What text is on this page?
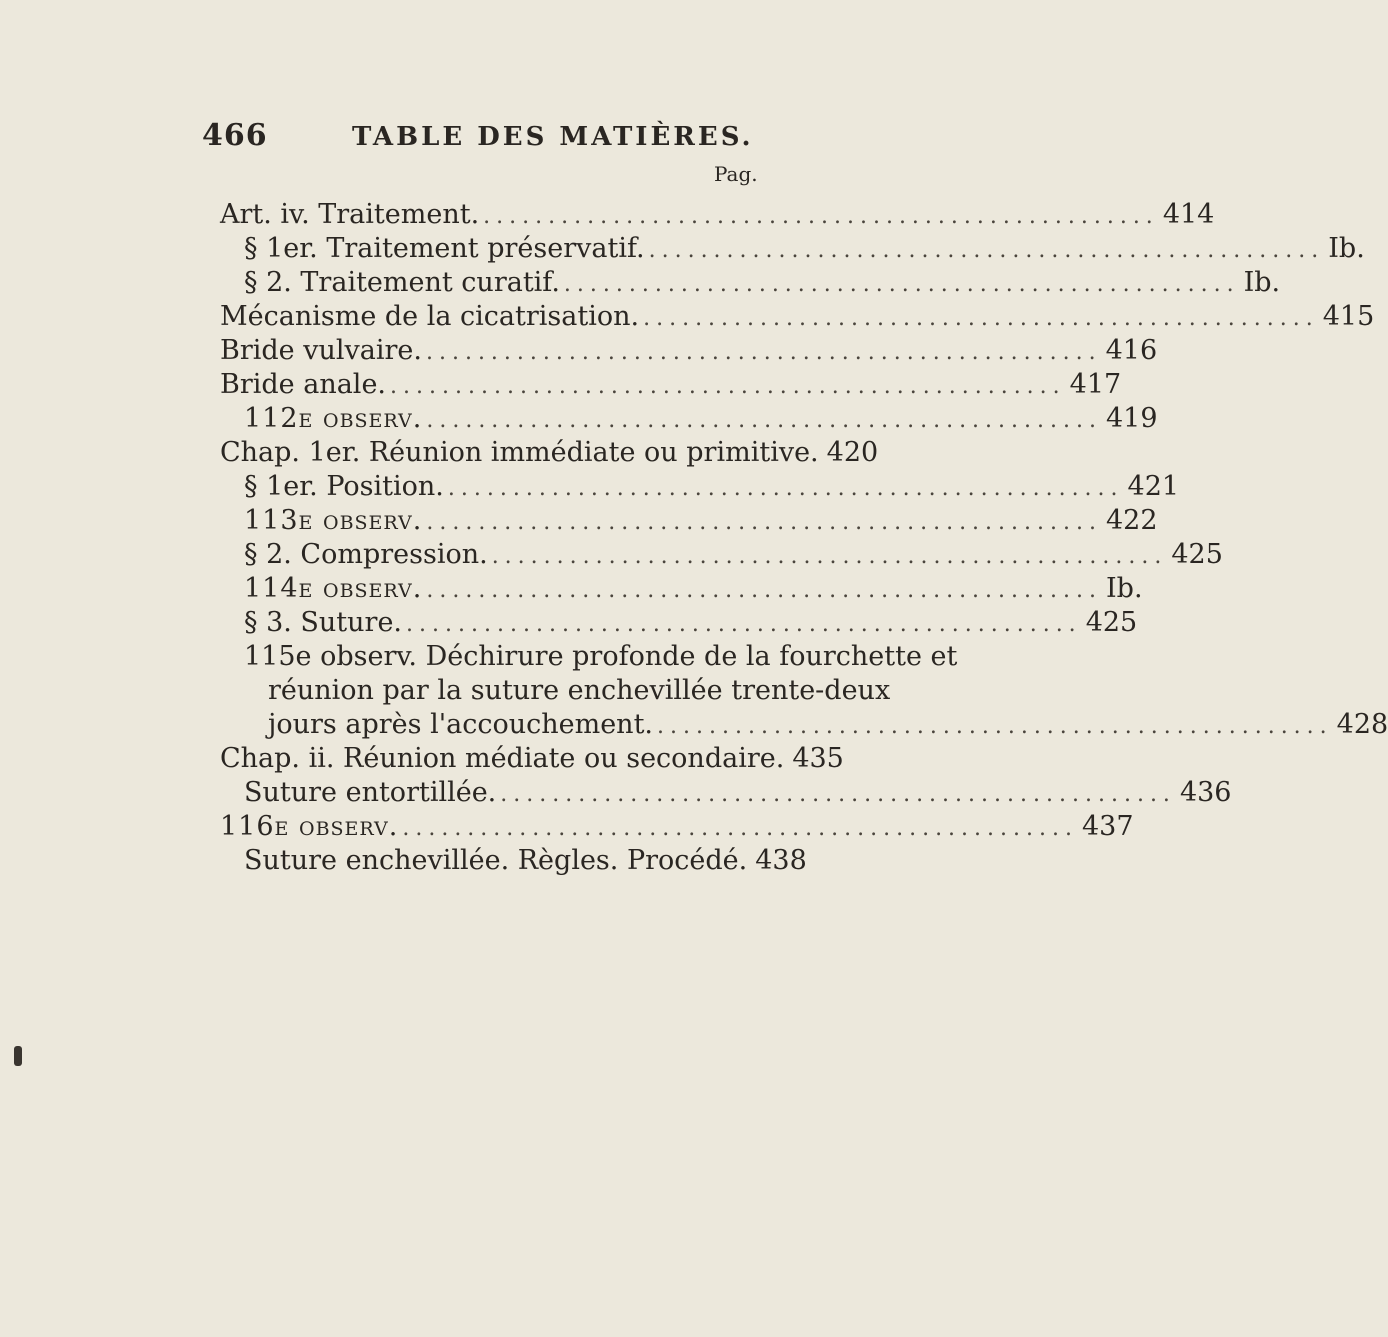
466	TABLE DES MATIÈRES.
Pag.
Art. iv. Traitement. .................................................... 414
§ 1er. Traitement préservatif. .................................................... Ib.
§ 2. Traitement curatif. .................................................... Ib.
Mécanisme de la cicatrisation. .................................................... 415
Bride vulvaire. .................................................... 416
Bride anale. .................................................... 417
112e observ. .................................................... 419
Chap. 1er. Réunion immédiate ou primitive. 420
§ 1er. Position. .................................................... 421
113e observ. .................................................... 422
§ 2. Compression. .................................................... 425
114e observ. .................................................... Ib.
§ 3. Suture. .................................................... 425
115e observ. Déchirure profonde de la fourchette et
réunion par la suture enchevillée trente-deux
jours après l'accouchement. .................................................... 428
Chap. ii. Réunion médiate ou secondaire. 435
Suture entortillée. .................................................... 436
116e observ. .................................................... 437
Suture enchevillée. Règles. Procédé. 438
